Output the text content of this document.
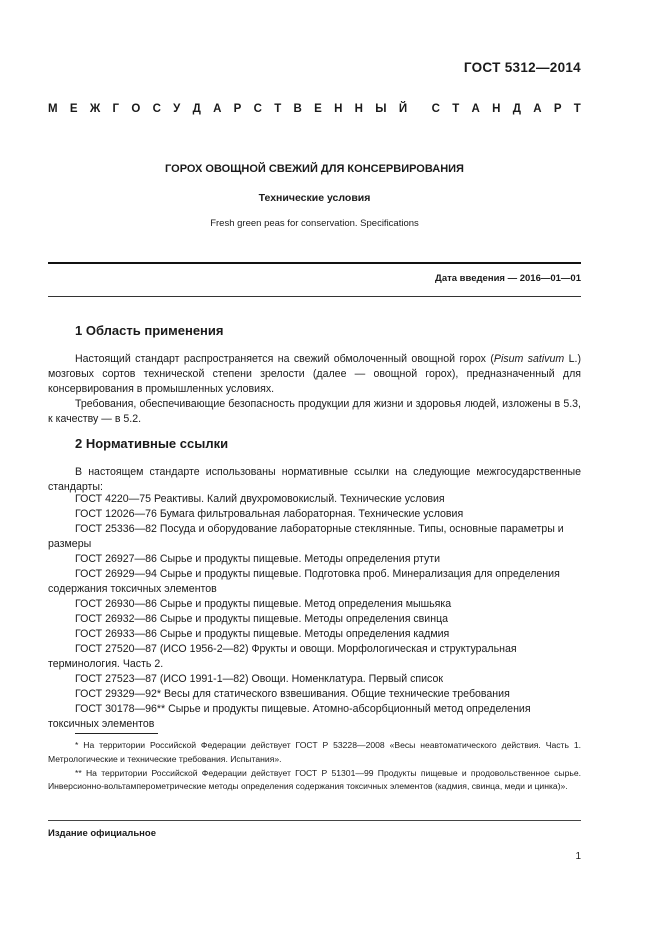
ГОСТ 5312—2014
М Е Ж Г О С У Д А Р С Т В Е Н Н Ы Й С Т А Н Д А Р Т
ГОРОХ ОВОЩНОЙ СВЕЖИЙ ДЛЯ КОНСЕРВИРОВАНИЯ
Технические условия
Fresh green peas for conservation. Specifications
Дата введения — 2016—01—01
1 Область применения

Настоящий стандарт распространяется на свежий обмолоченный овощной горох (Pisum sativum L.) мозговых сортов технической степени зрелости (далее — овощной горох), предназначенный для консервирования в промышленных условиях.

Требования, обеспечивающие безопасность продукции для жизни и здоровья людей, изложены в 5.3, к качеству — в 5.2.

2 Нормативные ссылки

В настоящем стандарте использованы нормативные ссылки на следующие межгосударственные стандарты:

ГОСТ 4220—75 Реактивы. Калий двухромовокислый. Технические условия
ГОСТ 12026—76 Бумага фильтровальная лабораторная. Технические условия
ГОСТ 25336—82 Посуда и оборудование лабораторные стеклянные. Типы, основные параметры и размеры
ГОСТ 26927—86 Сырье и продукты пищевые. Методы определения ртути
ГОСТ 26929—94 Сырье и продукты пищевые. Подготовка проб. Минерализация для определения содержания токсичных элементов
ГОСТ 26930—86 Сырье и продукты пищевые. Метод определения мышьяка
ГОСТ 26932—86 Сырье и продукты пищевые. Методы определения свинца
ГОСТ 26933—86 Сырье и продукты пищевые. Методы определения кадмия
ГОСТ 27520—87 (ИСО 1956-2—82) Фрукты и овощи. Морфологическая и структуральная терминология. Часть 2.
ГОСТ 27523—87 (ИСО 1991-1—82) Овощи. Номенклатура. Первый список
ГОСТ 29329—92* Весы для статического взвешивания. Общие технические требования
ГОСТ 30178—96** Сырье и продукты пищевые. Атомно-абсорбционный метод определения токсичных элементов

* На территории Российской Федерации действует ГОСТ Р 53228—2008 «Весы неавтоматического действия. Часть 1. Метрологические и технические требования. Испытания».

** На территории Российской Федерации действует ГОСТ Р 51301—99 Продукты пищевые и продовольственное сырье. Инверсионно-вольтамперометрические методы определения содержания токсичных элементов (кадмия, свинца, меди и цинка)».

Издание официальное
1
